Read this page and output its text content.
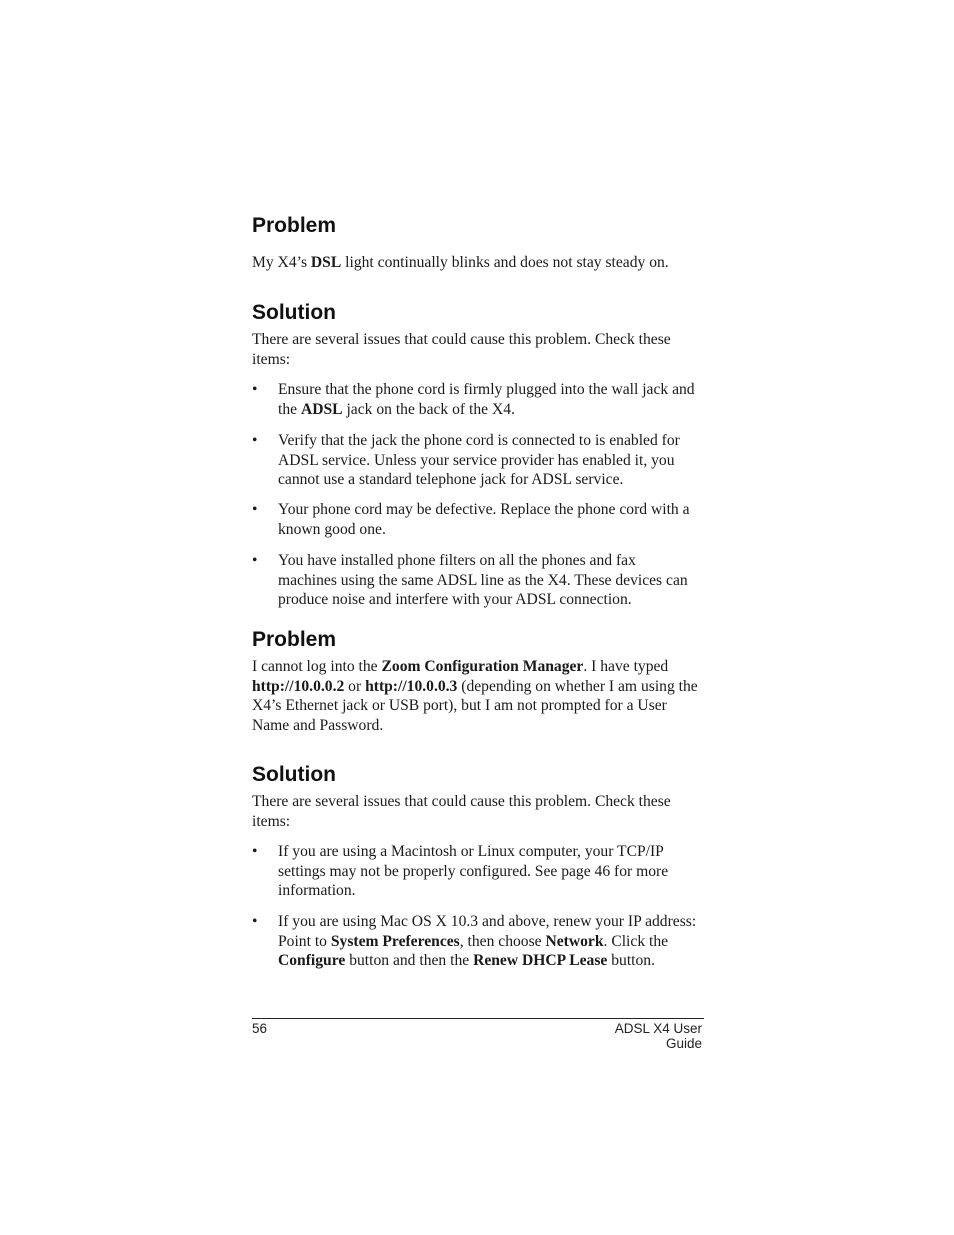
Problem

My X4’s DSL light continually blinks and does not stay steady on.

Solution

There are several issues that could cause this problem. Check these items:

•	Ensure that the phone cord is firmly plugged into the wall jack and the ADSL jack on the back of the X4.
•	Verify that the jack the phone cord is connected to is enabled for ADSL service. Unless your service provider has enabled it, you cannot use a standard telephone jack for ADSL service.
•	Your phone cord may be defective. Replace the phone cord with a known good one.
•	You have installed phone filters on all the phones and fax machines using the same ADSL line as the X4. These devices can produce noise and interfere with your ADSL connection.
Problem

I cannot log into the Zoom Configuration Manager. I have typed http://10.0.0.2 or http://10.0.0.3 (depending on whether I am using the X4’s Ethernet jack or USB port), but I am not prompted for a User Name and Password.

Solution

There are several issues that could cause this problem. Check these items:

•	If you are using a Macintosh or Linux computer, your TCP/IP settings may not be properly configured. See page 46 for more information.
•	If you are using Mac OS X 10.3 and above, renew your IP address: Point to System Preferences, then choose Network. Click the Configure button and then the Renew DHCP Lease button.
56	ADSL X4 User Guide
